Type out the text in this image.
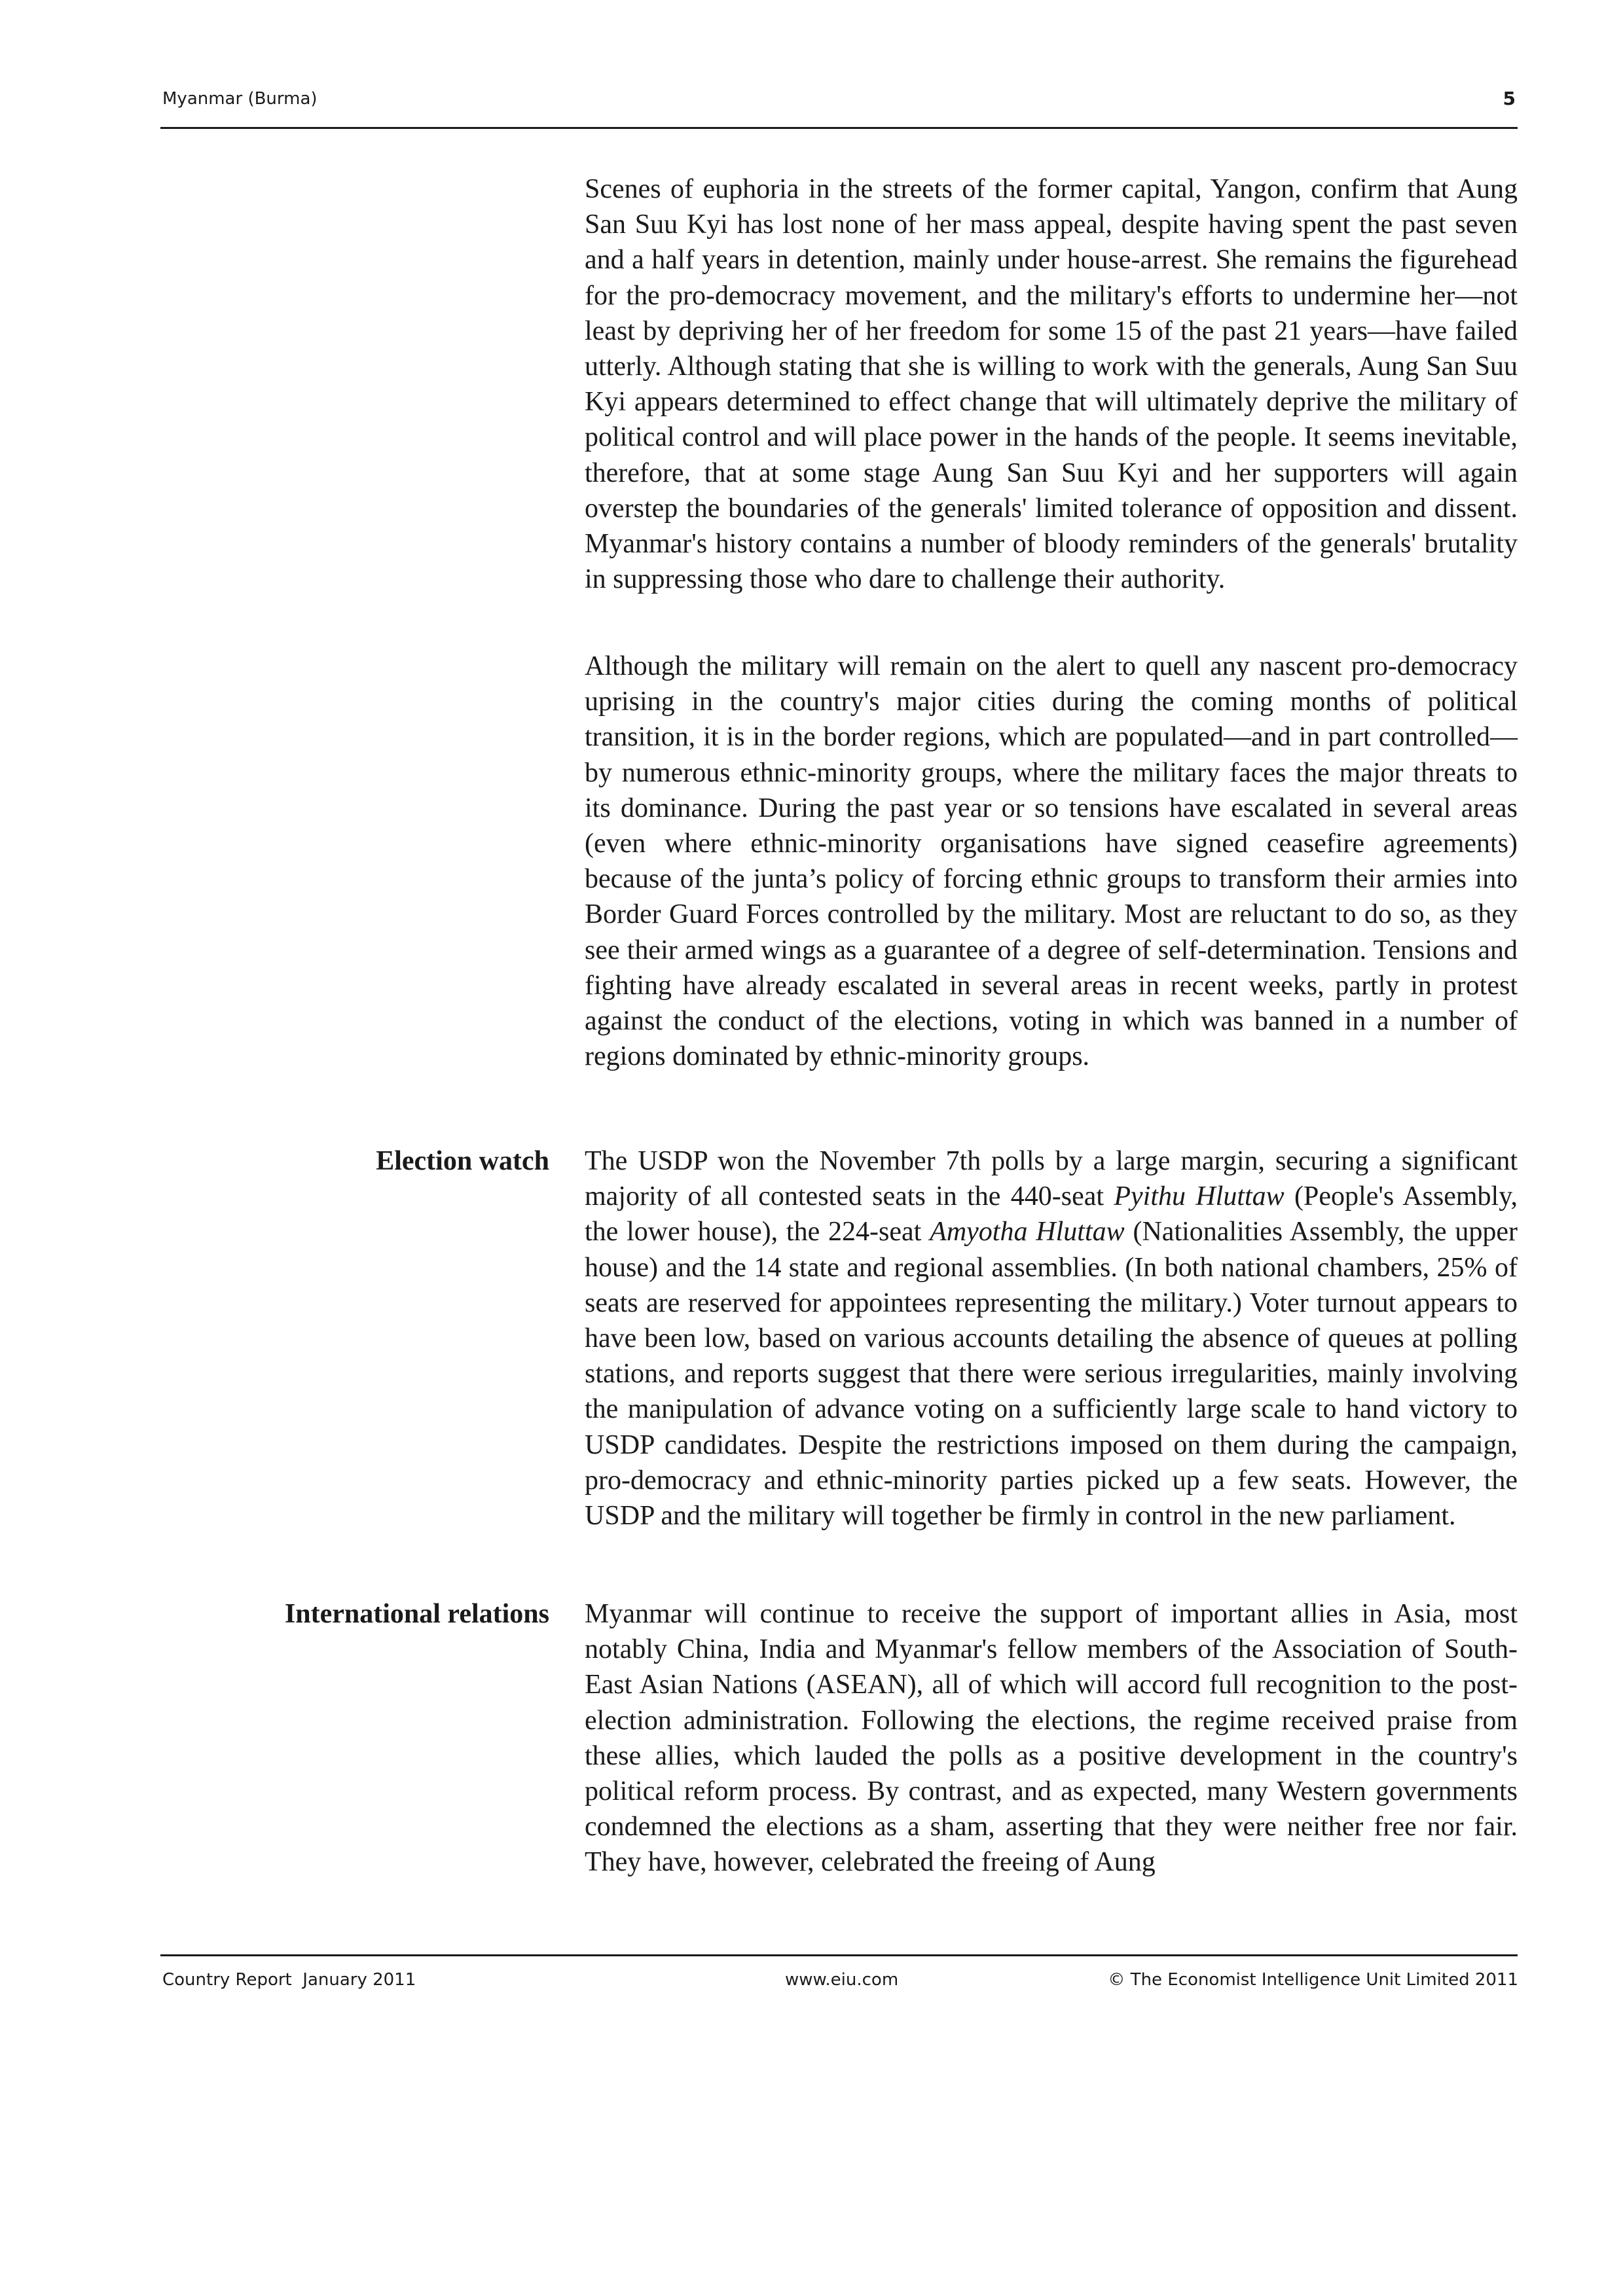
Myanmar (Burma)	5

Scenes of euphoria in the streets of the former capital, Yangon, confirm that Aung San Suu Kyi has lost none of her mass appeal, despite having spent the past seven and a half years in detention, mainly under house-arrest. She remains the figurehead for the pro-democracy movement, and the military's efforts to undermine her—not least by depriving her of her freedom for some 15 of the past 21 years—have failed utterly. Although stating that she is willing to work with the generals, Aung San Suu Kyi appears determined to effect change that will ultimately deprive the military of political control and will place power in the hands of the people. It seems inevitable, therefore, that at some stage Aung San Suu Kyi and her supporters will again overstep the boundaries of the generals' limited tolerance of opposition and dissent. Myanmar's history contains a number of bloody reminders of the generals' brutality in suppressing those who dare to challenge their authority.

Although the military will remain on the alert to quell any nascent pro-democracy uprising in the country's major cities during the coming months of political transition, it is in the border regions, which are populated—and in part controlled—by numerous ethnic-minority groups, where the military faces the major threats to its dominance. During the past year or so tensions have escalated in several areas (even where ethnic-minority organisations have signed ceasefire agreements) because of the junta’s policy of forcing ethnic groups to transform their armies into Border Guard Forces controlled by the military. Most are reluctant to do so, as they see their armed wings as a guarantee of a degree of self-determination. Tensions and fighting have already escalated in several areas in recent weeks, partly in protest against the conduct of the elections, voting in which was banned in a number of regions dominated by ethnic-minority groups.

Election watch The USDP won the November 7th polls by a large margin, securing a significant majority of all contested seats in the 440-seat Pyithu Hluttaw (People's Assembly, the lower house), the 224-seat Amyotha Hluttaw (Nationalities Assembly, the upper house) and the 14 state and regional assemblies. (In both national chambers, 25% of seats are reserved for appointees representing the military.) Voter turnout appears to have been low, based on various accounts detailing the absence of queues at polling stations, and reports suggest that there were serious irregularities, mainly involving the manipulation of advance voting on a sufficiently large scale to hand victory to USDP candidates. Despite the restrictions imposed on them during the campaign, pro-democracy and ethnic-minority parties picked up a few seats. However, the USDP and the military will together be firmly in control in the new parliament.

International relations Myanmar will continue to receive the support of important allies in Asia, most notably China, India and Myanmar's fellow members of the Association of South-East Asian Nations (ASEAN), all of which will accord full recognition to the post-election administration. Following the elections, the regime received praise from these allies, which lauded the polls as a positive development in the country's political reform process. By contrast, and as expected, many Western governments condemned the elections as a sham, asserting that they were neither free nor fair. They have, however, celebrated the freeing of Aung

Country Report  January 2011	www.eiu.com	© The Economist Intelligence Unit Limited 2011
